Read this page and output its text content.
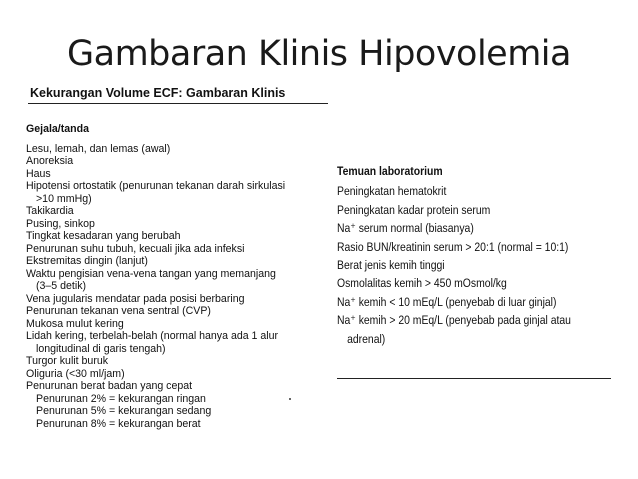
Gambaran Klinis Hipovolemia
Kekurangan Volume ECF: Gambaran Klinis
Gejala/tanda
Lesu, lemah, dan lemas (awal)
Anoreksia
Haus
Hipotensi ortostatik (penurunan tekanan darah sirkulasi
>10 mmHg)
Takikardia
Pusing, sinkop
Tingkat kesadaran yang berubah
Penurunan suhu tubuh, kecuali jika ada infeksi
Ekstremitas dingin (lanjut)
Waktu pengisian vena-vena tangan yang memanjang
(3–5 detik)
Vena jugularis mendatar pada posisi berbaring
Penurunan tekanan vena sentral (CVP)
Mukosa mulut kering
Lidah kering, terbelah-belah (normal hanya ada 1 alur
longitudinal di garis tengah)
Turgor kulit buruk
Oliguria (<30 ml/jam)
Penurunan berat badan yang cepat
Penurunan 2% = kekurangan ringan
Penurunan 5% = kekurangan sedang
Penurunan 8% = kekurangan berat
Temuan laboratorium
Peningkatan hematokrit
Peningkatan kadar protein serum
Na⁺ serum normal (biasanya)
Rasio BUN/kreatinin serum > 20:1 (normal = 10:1)
Berat jenis kemih tinggi
Osmolalitas kemih > 450 mOsmol/kg
Na⁺ kemih < 10 mEq/L (penyebab di luar ginjal)
Na⁺ kemih > 20 mEq/L (penyebab pada ginjal atau
adrenal)
